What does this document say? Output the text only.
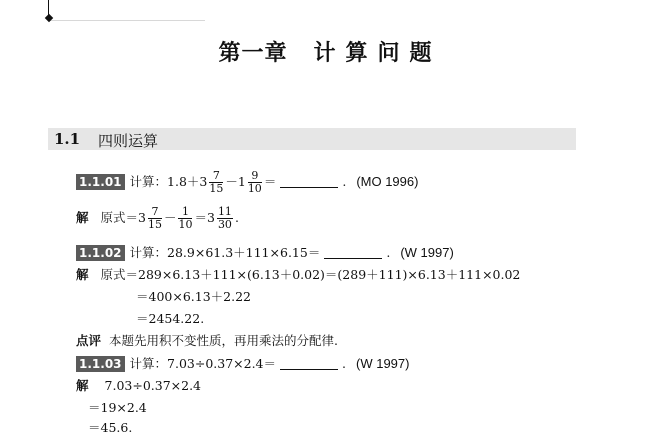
第一章 计算问题
1.1 四则运算
1.1.01 计算：$1.8+3 \frac{7}{15} -1 \frac{9}{10}$ ＝	. (MO 1996)
解 原式$=3 \frac{7}{15} - \frac{1}{10} =3 \frac{11}{30}$ .
1.1.02 计算：28.9×61.3＋111×6.15＝	. (W 1997)
解 原式＝289×6.13＋111×(6.13＋0.02)＝(289＋111)×6.13＋111×0.02
＝400×6.13＋2.22
＝2454.22.
点评 本题先用积不变性质，再用乘法的分配律.
1.1.03 计算：7.03÷0.37×2.4＝	. (W 1997)
解 7.03÷0.37×2.4
＝19×2.4
＝45.6.
